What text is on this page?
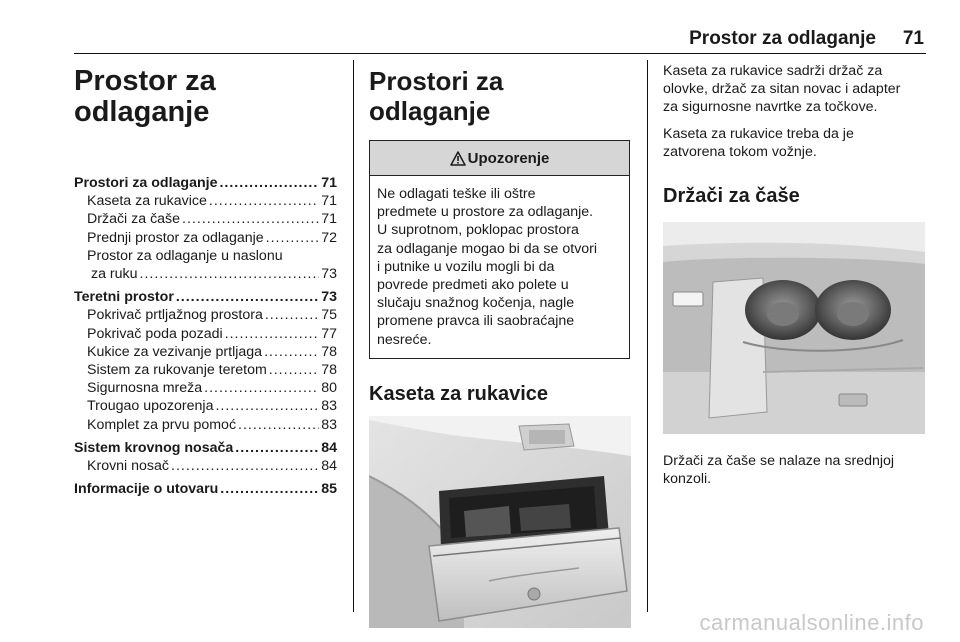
Prostor za odlaganje 71
Prostor za
odlaganje
Prostori za odlaganje .....	71
Kaseta za rukavice .....	71
Držači za čaše .....	71
Prednji prostor za odlaganje .....	72
Prostor za odlaganje u naslonu
za ruku .....	73
Teretni prostor .....	73
Pokrivač prtljažnog prostora .....	75
Pokrivač poda pozadi .....	77
Kukice za vezivanje prtljaga .....	78
Sistem za rukovanje teretom .....	78
Sigurnosna mreža .....	80
Trougao upozorenja .....	83
Komplet za prvu pomoć .....	83
Sistem krovnog nosača .....	84
Krovni nosač .....	84
Informacije o utovaru .....	85
Prostori za odlaganje
Upozorenje
Ne odlagati teške ili oštre
predmete u prostore za odlaganje.
U suprotnom, poklopac prostora
za odlaganje mogao bi da se otvori
i putnike u vozilu mogli bi da
povrede predmeti ako polete u
slučaju snažnog kočenja, nagle
promene pravca ili saobraćajne
nesreće.
Kaseta za rukavice
Kaseta za rukavice sadrži držač za
olovke, držač za sitan novac i adapter
za sigurnosne navrtke za točkove.
Kaseta za rukavice treba da je
zatvorena tokom vožnje.
Držači za čaše
Držači za čaše se nalaze na srednjoj
konzoli.
carmanualsonline.info
